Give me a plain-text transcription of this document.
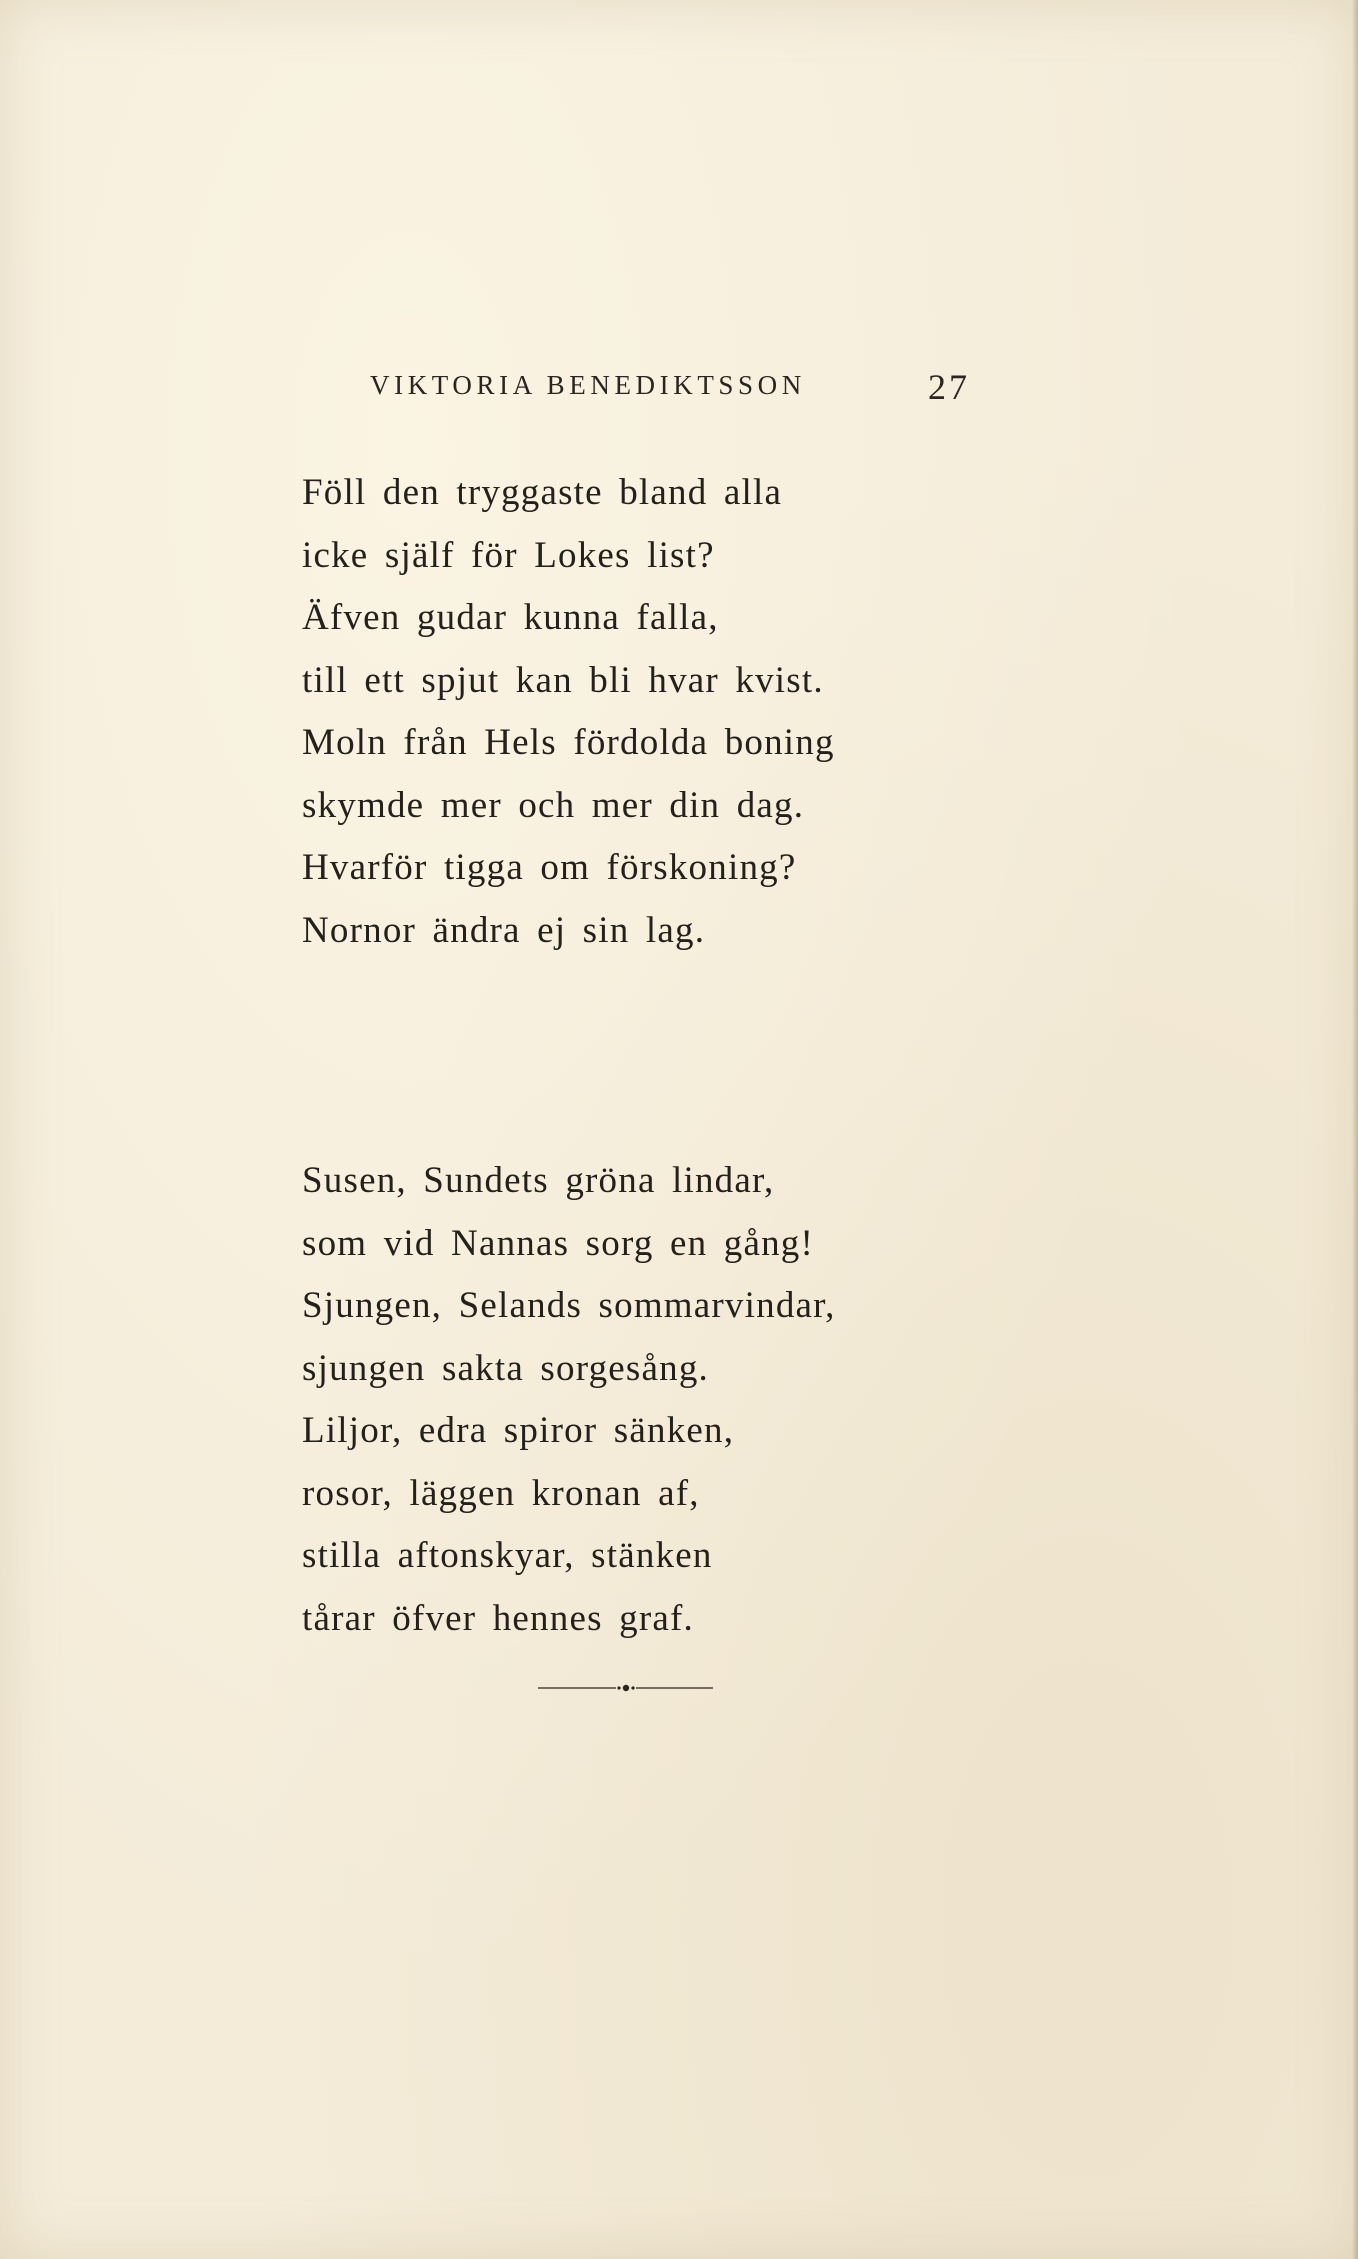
VIKTORIA BENEDIKTSSON	27
Föll den tryggaste bland alla
icke själf för Lokes list?
Äfven gudar kunna falla,
till ett spjut kan bli hvar kvist.
Moln från Hels fördolda boning
skymde mer och mer din dag.
Hvarför tigga om förskoning?
Nornor ändra ej sin lag.
Susen, Sundets gröna lindar,
som vid Nannas sorg en gång!
Sjungen, Selands sommarvindar,
sjungen sakta sorgesång.
Liljor, edra spiror sänken,
rosor, läggen kronan af,
stilla aftonskyar, stänken
tårar öfver hennes graf.
